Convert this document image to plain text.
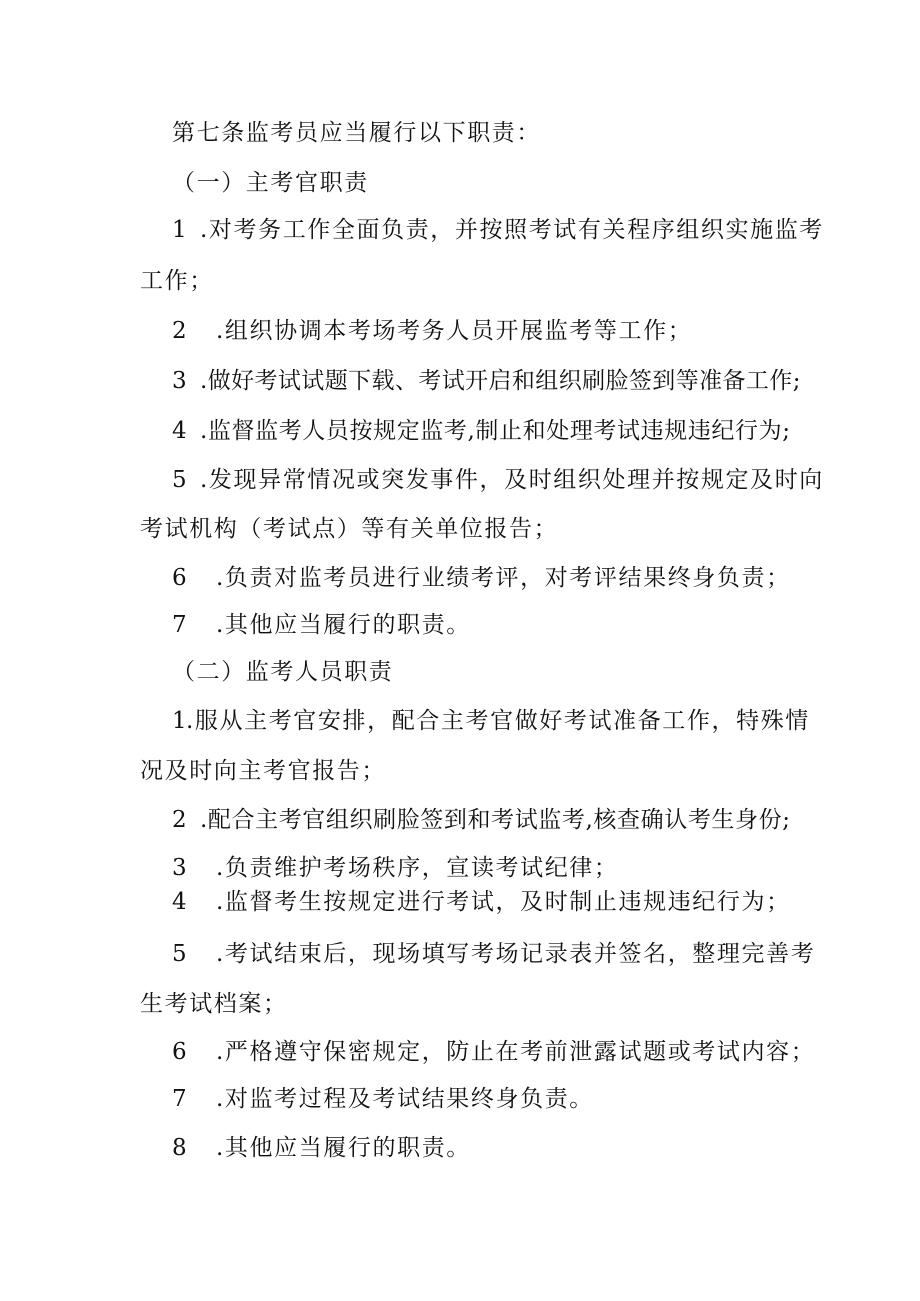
第七条监考员应当履行以下职责：
（一）主考官职责
1 .对考务工作全面负责，并按照考试有关程序组织实施监考
工作；
2 .组织协调本考场考务人员开展监考等工作；
3 .做好考试试题下载、考试开启和组织刷脸签到等准备工作;
4 .监督监考人员按规定监考,制止和处理考试违规违纪行为;
5 .发现异常情况或突发事件，及时组织处理并按规定及时向
考试机构（考试点）等有关单位报告；
6 .负责对监考员进行业绩考评，对考评结果终身负责；
7 .其他应当履行的职责。
（二）监考人员职责
1.服从主考官安排，配合主考官做好考试准备工作，特殊情
况及时向主考官报告；
2 .配合主考官组织刷脸签到和考试监考,核查确认考生身份;
3 .负责维护考场秩序，宣读考试纪律；
4 .监督考生按规定进行考试，及时制止违规违纪行为；
5 .考试结束后，现场填写考场记录表并签名，整理完善考
生考试档案；
6 .严格遵守保密规定，防止在考前泄露试题或考试内容；
7 .对监考过程及考试结果终身负责。
8 .其他应当履行的职责。
